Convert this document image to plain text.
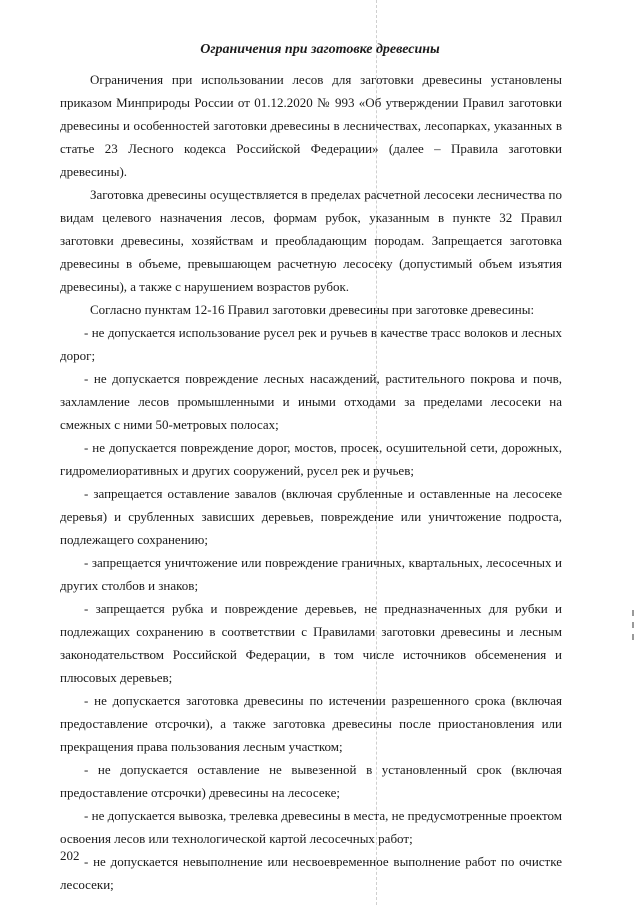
Ограничения при заготовке древесины

Ограничения при использовании лесов для заготовки древесины установлены приказом Минприроды России от 01.12.2020 № 993 «Об утверждении Правил заготовки древесины и особенностей заготовки древесины в лесничествах, лесопарках, указанных в статье 23 Лесного кодекса Российской Федерации» (далее – Правила заготовки древесины).

Заготовка древесины осуществляется в пределах расчетной лесосеки лесничества по видам целевого назначения лесов, формам рубок, указанным в пункте 32 Правил заготовки древесины, хозяйствам и преобладающим породам. Запрещается заготовка древесины в объеме, превышающем расчетную лесосеку (допустимый объем изъятия древесины), а также с нарушением возрастов рубок.

Согласно пунктам 12-16 Правил заготовки древесины при заготовке древесины:

- не допускается использование русел рек и ручьев в качестве трасс волоков и лесных дорог;

- не допускается повреждение лесных насаждений, растительного покрова и почв, захламление лесов промышленными и иными отходами за пределами лесосеки на смежных с ними 50-метровых полосах;

- не допускается повреждение дорог, мостов, просек, осушительной сети, дорожных, гидромелиоративных и других сооружений, русел рек и ручьев;

- запрещается оставление завалов (включая срубленные и оставленные на лесосеке деревья) и срубленных зависших деревьев, повреждение или уничтожение подроста, подлежащего сохранению;

- запрещается уничтожение или повреждение граничных, квартальных, лесосечных и других столбов и знаков;

- запрещается рубка и повреждение деревьев, не предназначенных для рубки и подлежащих сохранению в соответствии с Правилами заготовки древесины и лесным законодательством Российской Федерации, в том числе источников обсеменения и плюсовых деревьев;

- не допускается заготовка древесины по истечении разрешенного срока (включая предоставление отсрочки), а также заготовка древесины после приостановления или прекращения права пользования лесным участком;

- не допускается оставление не вывезенной в установленный срок (включая предоставление отсрочки) древесины на лесосеке;

- не допускается вывозка, трелевка древесины в места, не предусмотренные проектом освоения лесов или технологической картой лесосечных работ;

- не допускается невыполнение или несвоевременное выполнение работ по очистке лесосеки;

202
